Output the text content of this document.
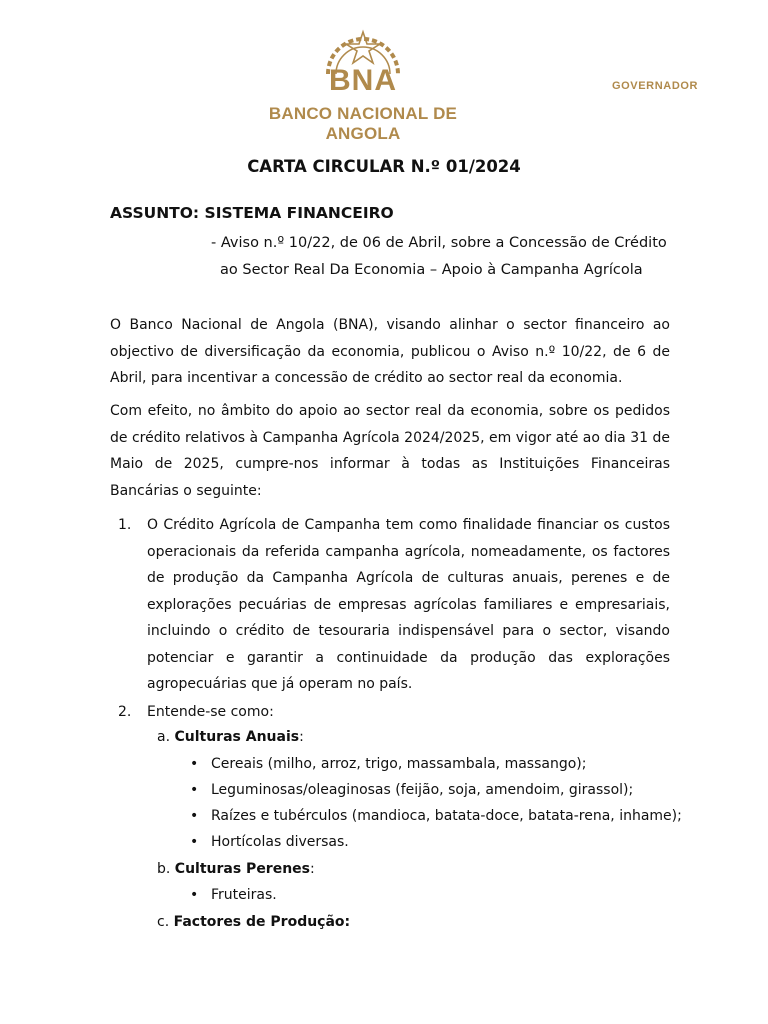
BNA
BANCO NACIONAL DE ANGOLA
GOVERNADOR
CARTA CIRCULAR N.º 01/2024
ASSUNTO: SISTEMA FINANCEIRO
- Aviso n.º 10/22, de 06 de Abril, sobre a Concessão de Crédito
ao Sector Real Da Economia – Apoio à Campanha Agrícola
O Banco Nacional de Angola (BNA), visando alinhar o sector financeiro ao objectivo de diversificação da economia, publicou o Aviso n.º 10/22, de 6 de Abril, para incentivar a concessão de crédito ao sector real da economia.
Com efeito, no âmbito do apoio ao sector real da economia, sobre os pedidos de crédito relativos à Campanha Agrícola 2024/2025, em vigor até ao dia 31 de Maio de 2025, cumpre-nos informar à todas as Instituições Financeiras Bancárias o seguinte:
1. O Crédito Agrícola de Campanha tem como finalidade financiar os custos operacionais da referida campanha agrícola, nomeadamente, os factores de produção da Campanha Agrícola de culturas anuais, perenes e de explorações pecuárias de empresas agrícolas familiares e empresariais, incluindo o crédito de tesouraria indispensável para o sector, visando potenciar e garantir a continuidade da produção das explorações agropecuárias que já operam no país.
2. Entende-se como:
a. Culturas Anuais:
• Cereais (milho, arroz, trigo, massambala, massango);
• Leguminosas/oleaginosas (feijão, soja, amendoim, girassol);
• Raízes e tubérculos (mandioca, batata-doce, batata-rena, inhame);
• Hortícolas diversas.
b. Culturas Perenes:
• Fruteiras.
c. Factores de Produção:
